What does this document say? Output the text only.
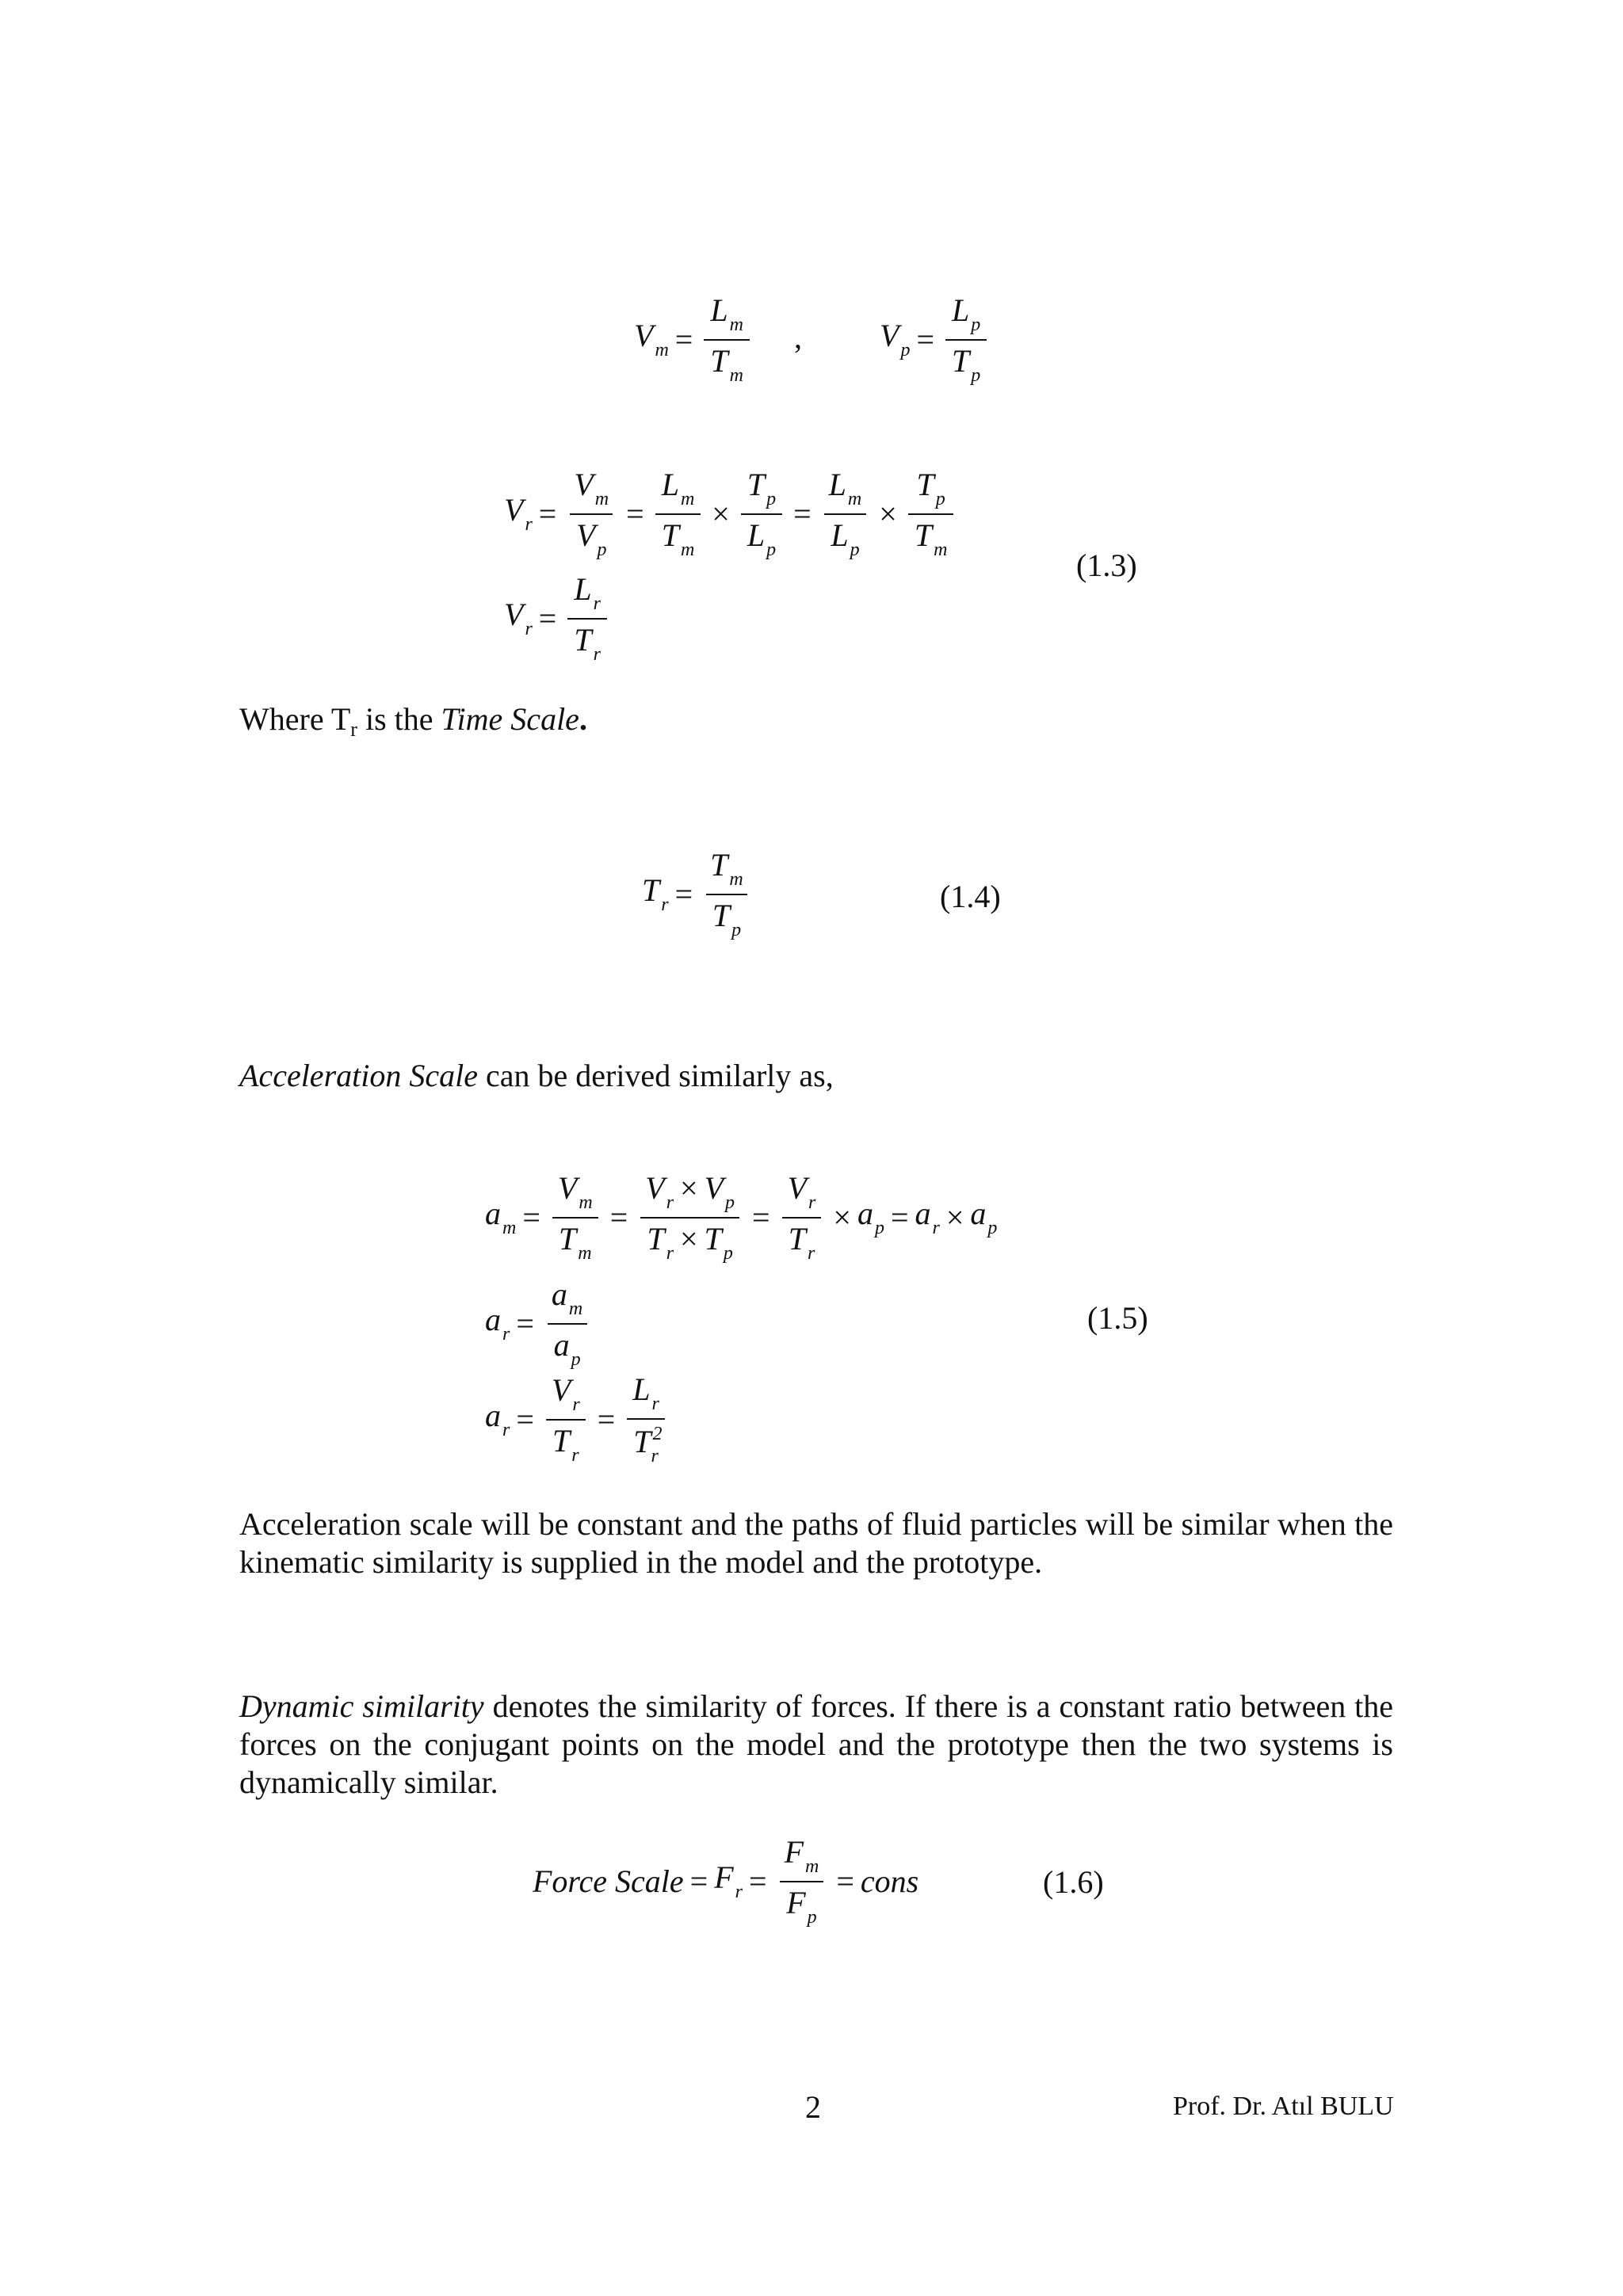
$V_m = \frac{L_m}{T_m}$ , $V_p = \frac{L_p}{T_p}$
$V_r = \frac{V_m}{V_p} = \frac{L_m}{T_m} \times \frac{T_p}{L_p} = \frac{L_m}{L_p} \times \frac{T_p}{T_m}$
$V_r = \frac{L_r}{T_r}$
(1.3)
Where $T_r$ is the Time Scale.
$T_r = \frac{T_m}{T_p}$	(1.4)
Acceleration Scale can be derived similarly as,
$a_m = \frac{V_m}{T_m} = \frac{V_r \times V_p}{T_r \times T_p} = \frac{V_r}{T_r} \times a_p = a_r \times a_p$
$a_r = \frac{a_m}{a_p}$	(1.5)
$a_r = \frac{V_r}{T_r} = \frac{L_r}{T^2_r}$
Acceleration scale will be constant and the paths of fluid particles will be similar when the kinematic similarity is supplied in the model and the prototype.
Dynamic similarity denotes the similarity of forces. If there is a constant ratio between the forces on the conjugant points on the model and the prototype then the two systems is dynamically similar.
Force Scale = $F_r = \frac{F_m}{F_p}$ = cons	(1.6)
2	Prof. Dr. Atıl BULU
